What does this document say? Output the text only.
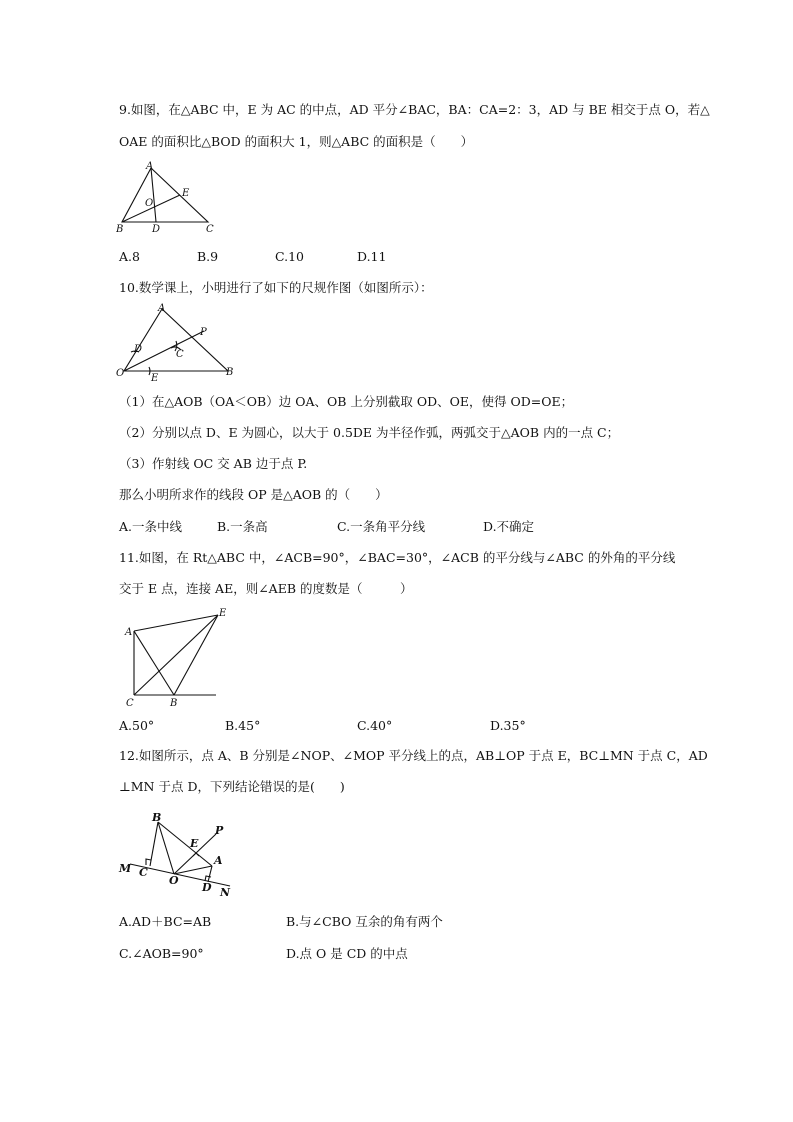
9.如图，在△ABC 中，E 为 AC 的中点，AD 平分∠BAC，BA：CA=2：3，AD 与 BE 相交于点 O，若△
OAE 的面积比△BOD 的面积大 1，则△ABC 的面积是（　　）
A
B	C
D
E
O
A.8	B.9	C.10	D.11
10.数学课上，小明进行了如下的尺规作图（如图所示）：
A
B
O
D
E
C
P
（1）在△AOB（OA＜OB）边 OA、OB 上分别截取 OD、OE，使得 OD=OE；
（2）分别以点 D、E 为圆心，以大于 0.5DE 为半径作弧，两弧交于△AOB 内的一点 C；
（3）作射线 OC 交 AB 边于点 P.
那么小明所求作的线段 OP 是△AOB 的（　　）
A.一条中线	B.一条高	C.一条角平分线	D.不确定
11.如图，在 Rt△ABC 中，∠ACB=90°，∠BAC=30°，∠ACB 的平分线与∠ABC 的外角的平分线
交于 E 点，连接 AE，则∠AEB 的度数是（　　　）
A
B
C
E
A.50°	B.45°	C.40°	D.35°
12.如图所示，点 A、B 分别是∠NOP、∠MOP 平分线上的点，AB⊥OP 于点 E，BC⊥MN 于点 C，AD
⊥MN 于点 D，下列结论错误的是(　　)
B
E
P
A
M C
O
D N
A.AD＋BC=AB	B.与∠CBO 互余的角有两个
C.∠AOB=90°	D.点 O 是 CD 的中点
